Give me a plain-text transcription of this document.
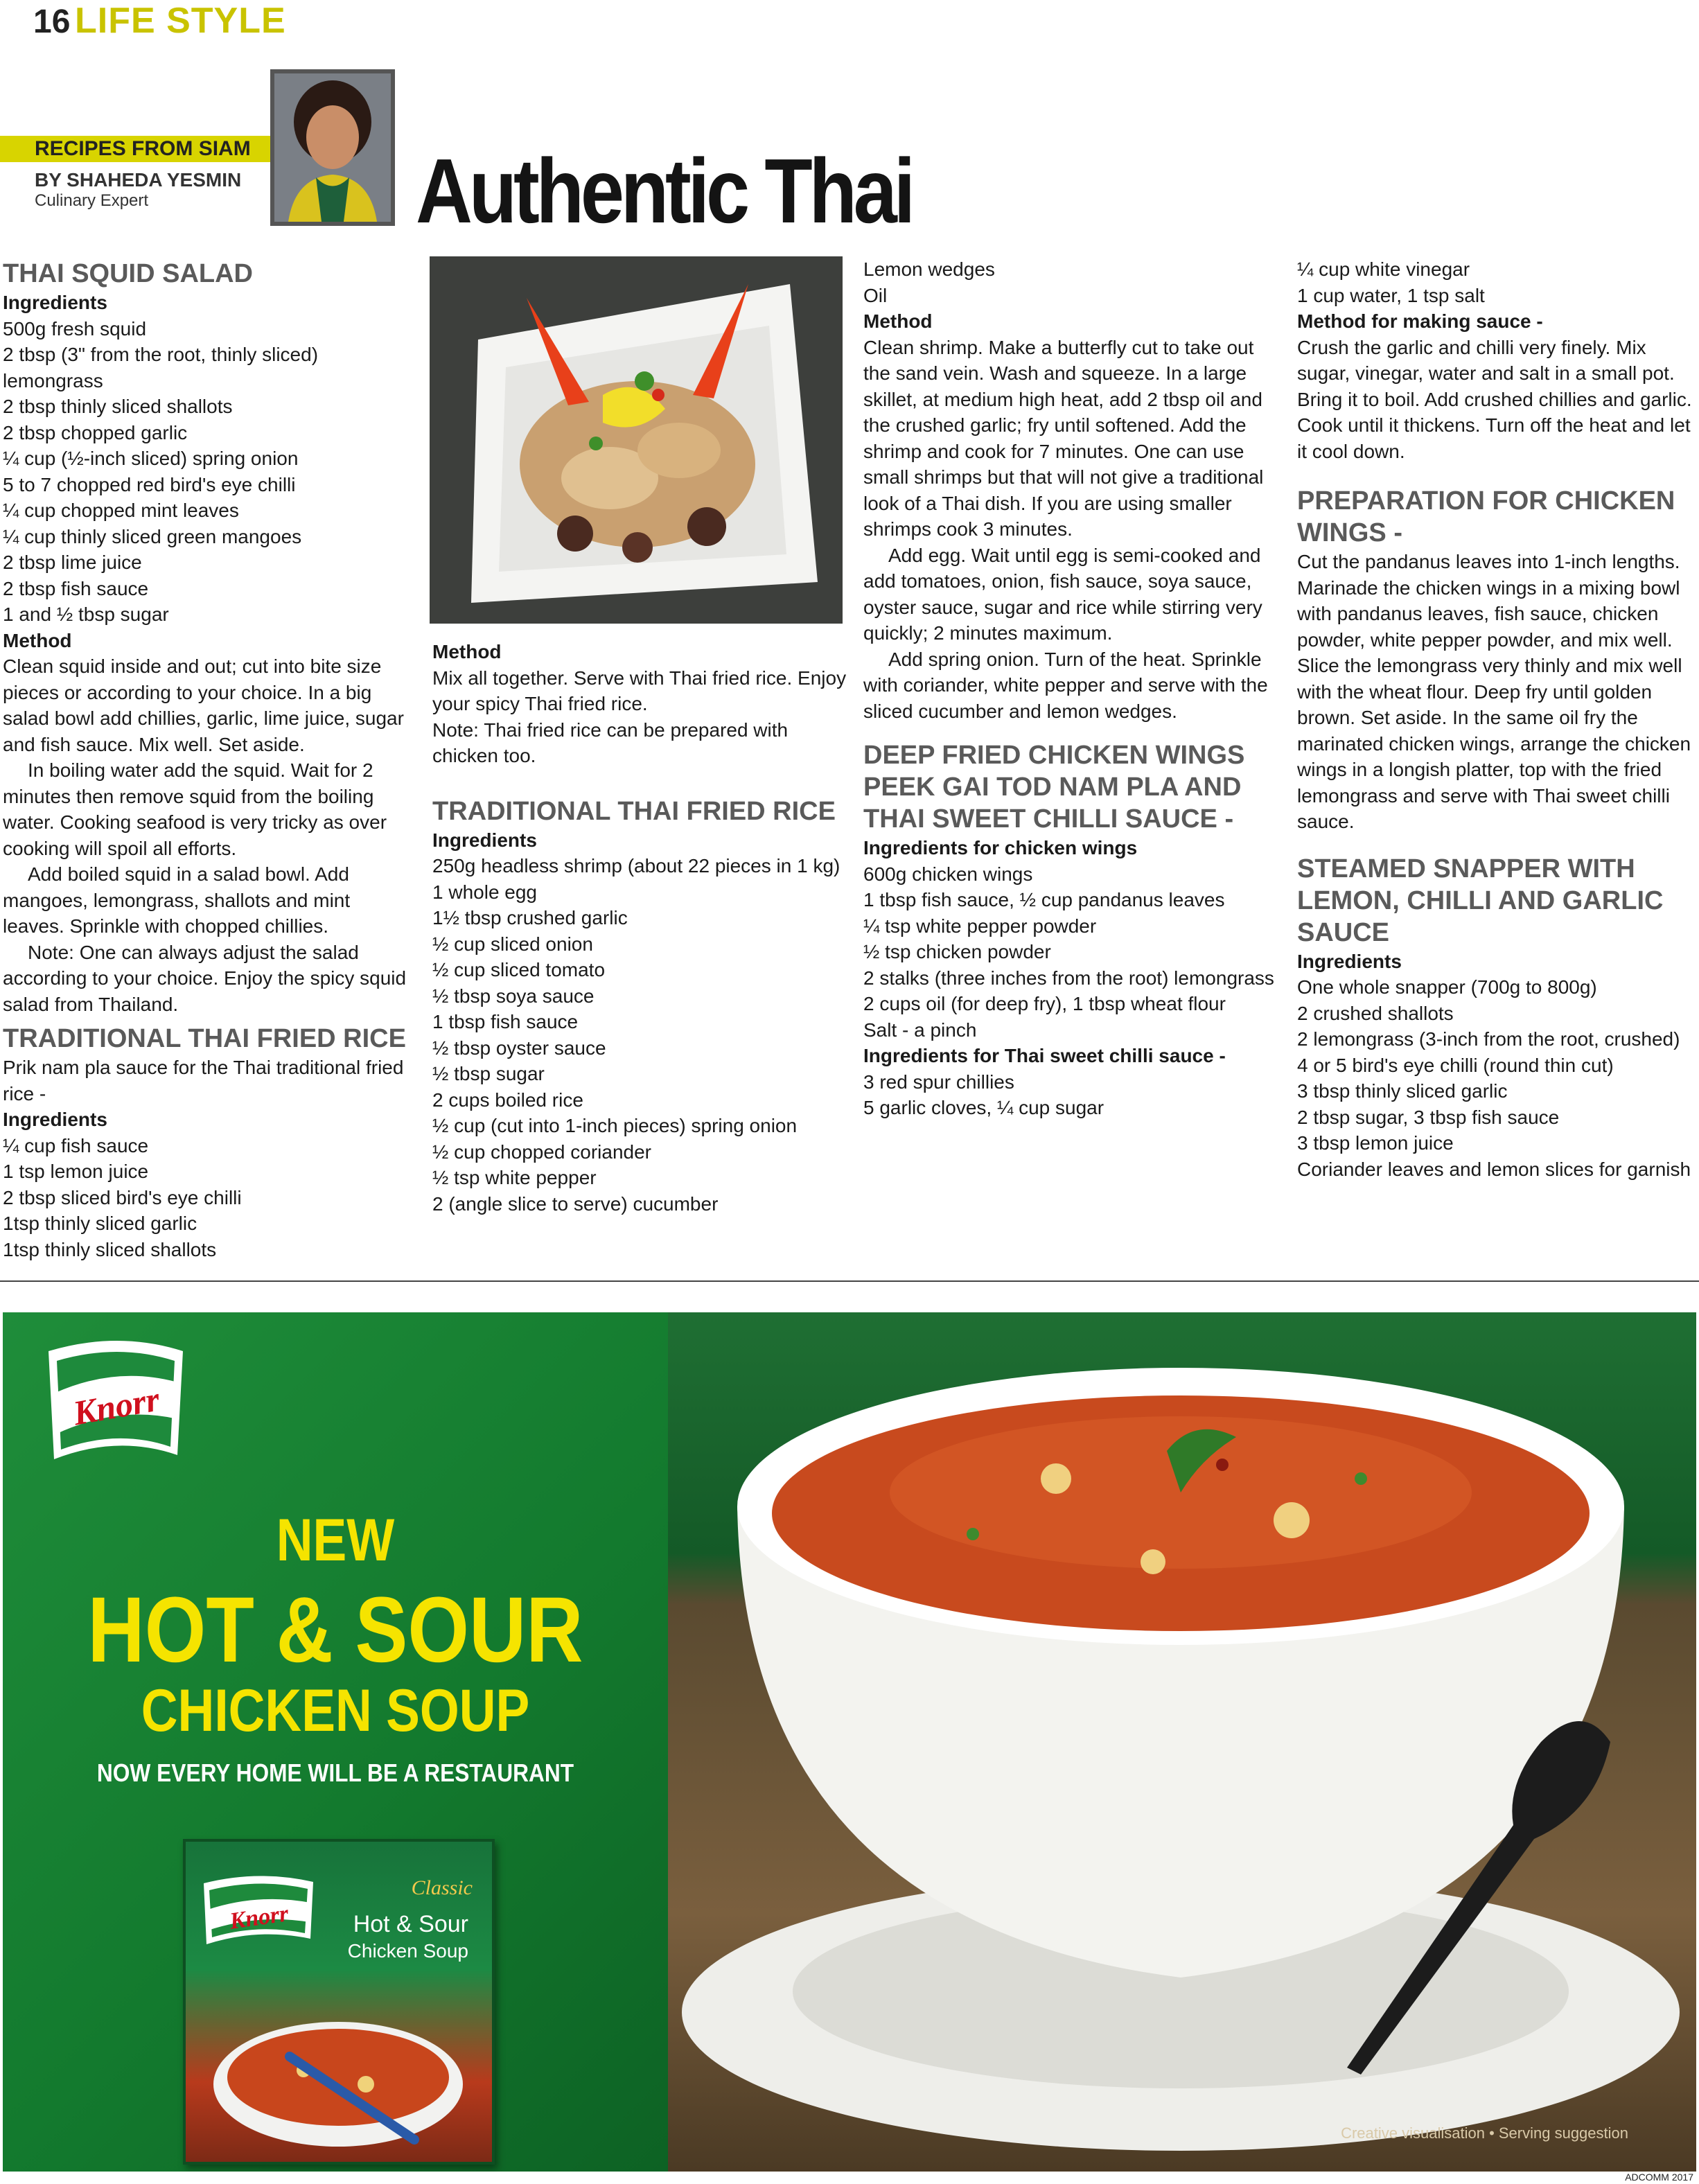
16 LIFE STYLE
RECIPES FROM SIAM
BY SHAHEDA YESMIN
Culinary Expert	Authentic Thai

THAI SQUID SALAD

Ingredients

500g fresh squid

2 tbsp (3" from the root, thinly sliced) lemongrass

2 tbsp thinly sliced shallots

2 tbsp chopped garlic

¼ cup (½-inch sliced) spring onion

5 to 7 chopped red bird's eye chilli

¼ cup chopped mint leaves

¼ cup thinly sliced green mangoes

2 tbsp lime juice

2 tbsp fish sauce

1 and ½ tbsp sugar

Method

Clean squid inside and out; cut into bite size pieces or according to your choice. In a big salad bowl add chillies, garlic, lime juice, sugar and fish sauce. Mix well. Set aside.

In boiling water add the squid. Wait for 2 minutes then remove squid from the boiling water. Cooking seafood is very tricky as over cooking will spoil all efforts.

Add boiled squid in a salad bowl. Add mangoes, lemongrass, shallots and mint leaves. Sprinkle with chopped chillies.

Note: One can always adjust the salad according to your choice. Enjoy the spicy squid salad from Thailand.

TRADITIONAL THAI FRIED RICE

Prik nam pla sauce for the Thai traditional fried rice -

Ingredients

¼ cup fish sauce

1 tsp lemon juice

2 tbsp sliced bird's eye chilli

1tsp thinly sliced garlic

1tsp thinly sliced shallots

Method

Mix all together. Serve with Thai fried rice. Enjoy your spicy Thai fried rice.

Note: Thai fried rice can be prepared with chicken too.

TRADITIONAL THAI FRIED RICE

Ingredients

250g headless shrimp (about 22 pieces in 1 kg)

1 whole egg

1½ tbsp crushed garlic

½ cup sliced onion

½ cup sliced tomato

½ tbsp soya sauce

1 tbsp fish sauce

½ tbsp oyster sauce

½ tbsp sugar

2 cups boiled rice

½ cup (cut into 1-inch pieces) spring onion

½ cup chopped coriander

½ tsp white pepper

2 (angle slice to serve) cucumber

Lemon wedges

Oil

Method

Clean shrimp. Make a butterfly cut to take out the sand vein. Wash and squeeze. In a large skillet, at medium high heat, add 2 tbsp oil and the crushed garlic; fry until softened. Add the shrimp and cook for 7 minutes. One can use small shrimps but that will not give a traditional look of a Thai dish. If you are using smaller shrimps cook 3 minutes.

Add egg. Wait until egg is semi-cooked and add tomatoes, onion, fish sauce, soya sauce, oyster sauce, sugar and rice while stirring very quickly; 2 minutes maximum.

Add spring onion. Turn of the heat. Sprinkle with coriander, white pepper and serve with the sliced cucumber and lemon wedges.

DEEP FRIED CHICKEN WINGS PEEK GAI TOD NAM PLA AND THAI SWEET CHILLI SAUCE -

Ingredients for chicken wings

600g chicken wings

1 tbsp fish sauce, ½ cup pandanus leaves

¼ tsp white pepper powder

½ tsp chicken powder

2 stalks (three inches from the root) lemongrass

2 cups oil (for deep fry), 1 tbsp wheat flour

Salt - a pinch

Ingredients for Thai sweet chilli sauce -

3 red spur chillies

5 garlic cloves, ¼ cup sugar

¼ cup white vinegar

1 cup water, 1 tsp salt

Method for making sauce -

Crush the garlic and chilli very finely. Mix sugar, vinegar, water and salt in a small pot. Bring it to boil. Add crushed chillies and garlic. Cook until it thickens. Turn off the heat and let it cool down.

PREPARATION FOR CHICKEN WINGS -

Cut the pandanus leaves into 1-inch lengths. Marinade the chicken wings in a mixing bowl with pandanus leaves, fish sauce, chicken powder, white pepper powder, and mix well. Slice the lemongrass very thinly and mix well with the wheat flour. Deep fry until golden brown. Set aside. In the same oil fry the marinated chicken wings, arrange the chicken wings in a longish platter, top with the fried lemongrass and serve with Thai sweet chilli sauce.

STEAMED SNAPPER WITH LEMON, CHILLI AND GARLIC SAUCE

Ingredients

One whole snapper (700g to 800g)

2 crushed shallots

2 lemongrass (3-inch from the root, crushed)

4 or 5 bird's eye chilli (round thin cut)

3 tbsp thinly sliced garlic

2 tbsp sugar, 3 tbsp fish sauce

3 tbsp lemon juice

Coriander leaves and lemon slices for garnish

Knorr
NEW
HOT & SOUR
CHICKEN SOUP
NOW EVERY HOME WILL BE A RESTAURANT
Knorr
Classic
Hot & Sour
Chicken Soup
Creative visualisation • Serving suggestion
ADCOMM 2017
